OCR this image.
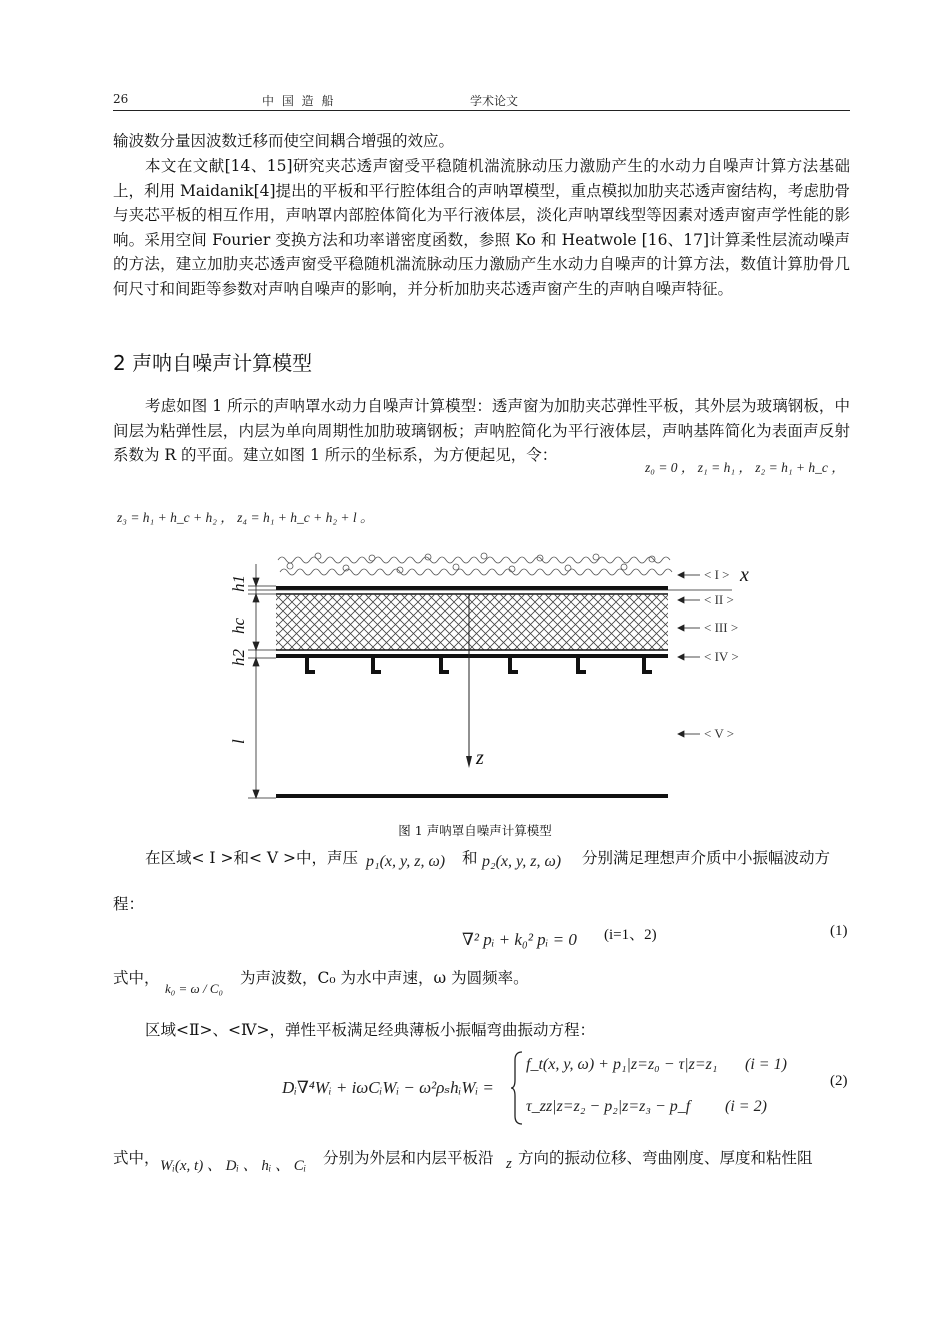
26	中 国 造 船	学术论文
输波数分量因波数迁移而使空间耦合增强的效应。
本文在文献[14、15]研究夹芯透声窗受平稳随机湍流脉动压力激励产生的水动力自噪声计算方法基础上，利用 Maidanik[4]提出的平板和平行腔体组合的声呐罩模型，重点模拟加肋夹芯透声窗结构，考虑肋骨与夹芯平板的相互作用，声呐罩内部腔体简化为平行液体层，淡化声呐罩线型等因素对透声窗声学性能的影响。采用空间 Fourier 变换方法和功率谱密度函数，参照 Ko 和 Heatwole [16、17]计算柔性层流动噪声的方法，建立加肋夹芯透声窗受平稳随机湍流脉动压力激励产生水动力自噪声的计算方法，数值计算肋骨几何尺寸和间距等参数对声呐自噪声的影响，并分析加肋夹芯透声窗产生的声呐自噪声特征。
2 声呐自噪声计算模型
考虑如图 1 所示的声呐罩水动力自噪声计算模型：透声窗为加肋夹芯弹性平板，其外层为玻璃钢板，中间层为粘弹性层，内层为单向周期性加肋玻璃钢板；声呐腔简化为平行液体层，声呐基阵简化为表面声反射系数为 R 的平面。建立如图 1 所示的坐标系，为方便起见，令：
z₀ = 0 ， z₁ = h₁ ， z₂ = h₁ + h_c ，
z₃ = h₁ + h_c + h₂ ， z₄ = h₁ + h_c + h₂ + l 。
< I >
< II >
< III >
< IV >
< V >
x
z
h1
hc
h2
l
图 1 声呐罩自噪声计算模型
在区域< I >和< V >中，声压 p₁(x, y, z, ω) 和 p₂(x, y, z, ω) 分别满足理想声介质中小振幅波动方
程：
∇² pᵢ + k₀² pᵢ = 0 (i=1、2)	(1)
式中，
k₀ = ω / C₀
为声波数，C₀ 为水中声速，ω 为圆频率。
区域<Ⅱ>、<Ⅳ>，弹性平板满足经典薄板小振幅弯曲振动方程：
Dᵢ∇⁴Wᵢ + iωCᵢWᵢ − ω²ρₛhᵢWᵢ =
f_t(x, y, ω) + p₁|z=z₀ − τ|z=z₁ (i = 1)
τ_zz|z=z₂ − p₂|z=z₃ − p_f (i = 2)
(2)
式中， Wᵢ(x, t) 、 Dᵢ 、 hᵢ 、 Cᵢ 分别为外层和内层平板沿 z 方向的振动位移、弯曲刚度、厚度和粘性阻
